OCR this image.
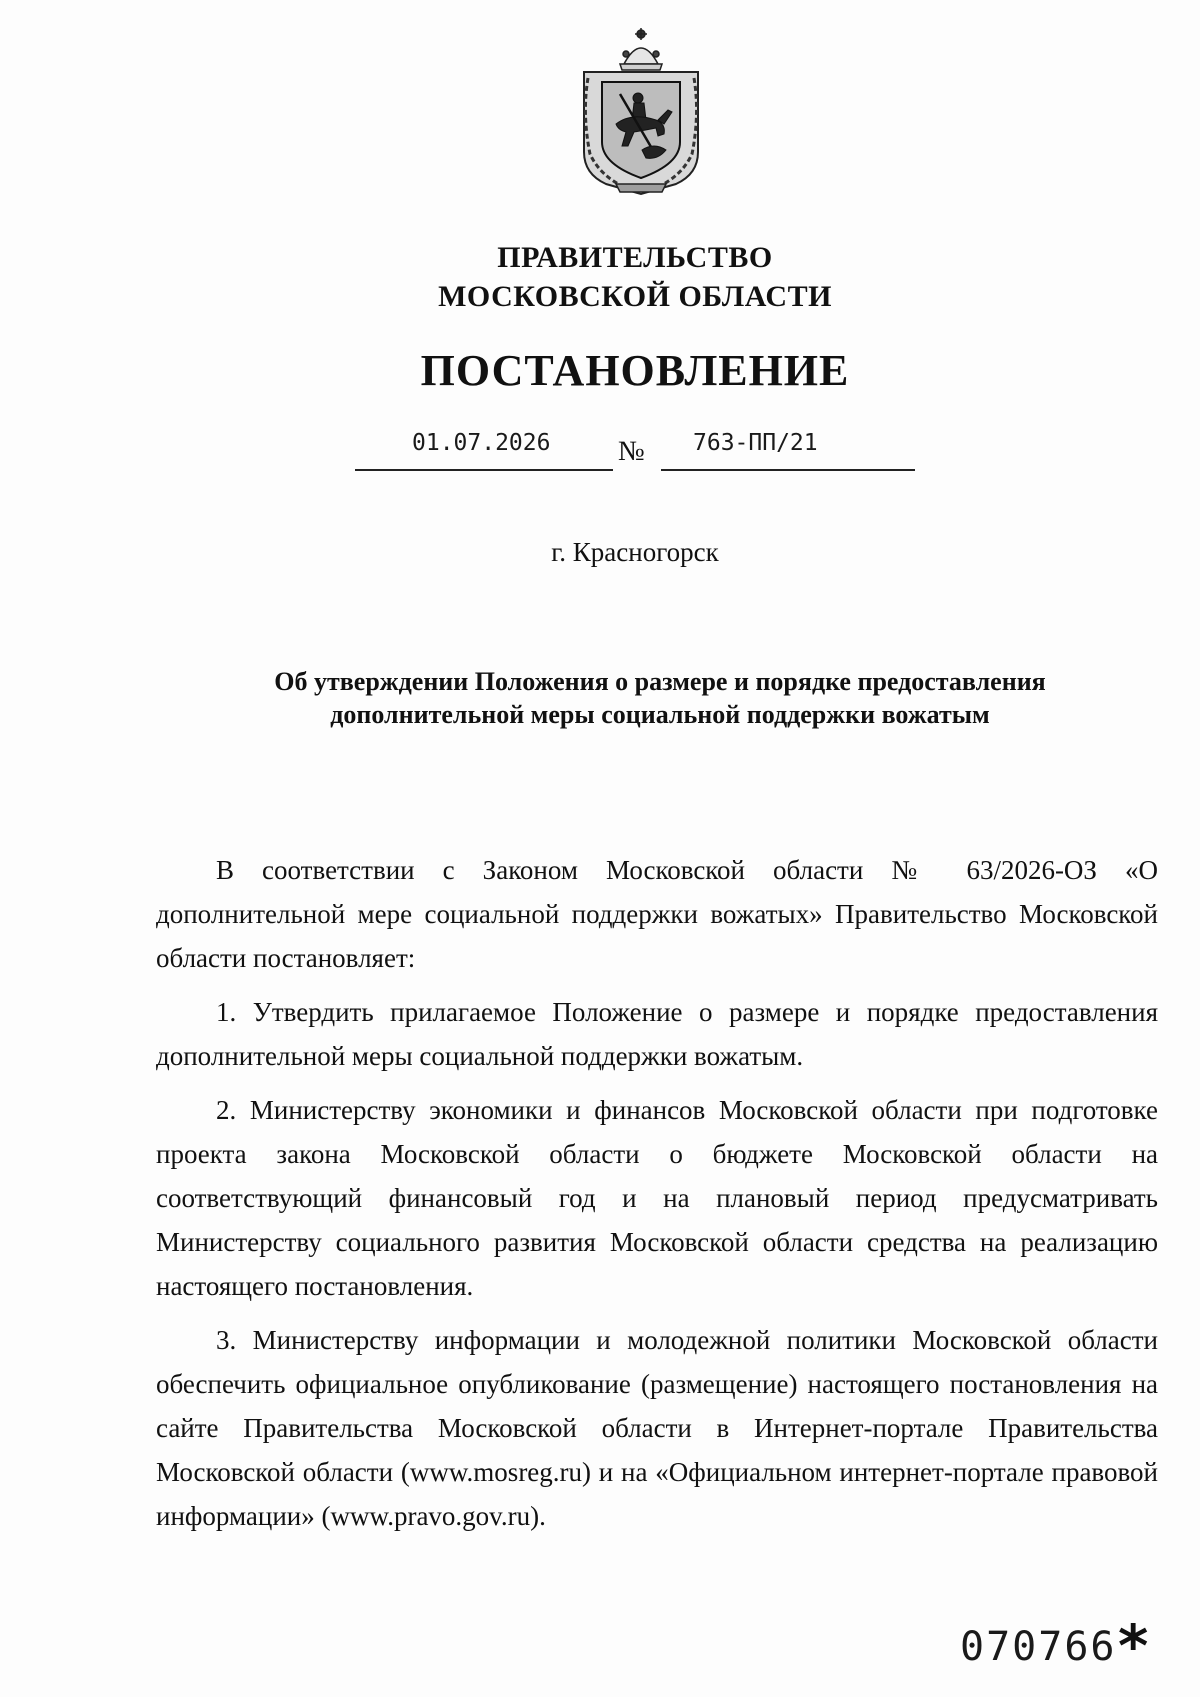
ПРАВИТЕЛЬСТВО
МОСКОВСКОЙ ОБЛАСТИ
ПОСТАНОВЛЕНИЕ
01.07.2026 № 763-ПП/21
г. Красногорск
Об утверждении Положения о размере и порядке предоставления дополнительной меры социальной поддержки вожатым

В соответствии с Законом Московской области № 63/2026-ОЗ «О дополнительной мере социальной поддержки вожатых» Правительство Московской области постановляет:

1. Утвердить прилагаемое Положение о размере и порядке предоставления дополнительной меры социальной поддержки вожатым.

2. Министерству экономики и финансов Московской области при подготовке проекта закона Московской области о бюджете Московской области на соответствующий финансовый год и на плановый период предусматривать Министерству социального развития Московской области средства на реализацию настоящего постановления.

3. Министерству информации и молодежной политики Московской области обеспечить официальное опубликование (размещение) настоящего постановления на сайте Правительства Московской области в Интернет-портале Правительства Московской области (www.mosreg.ru) и на «Официальном интернет-портале правовой информации» (www.pravo.gov.ru).

070766 *
